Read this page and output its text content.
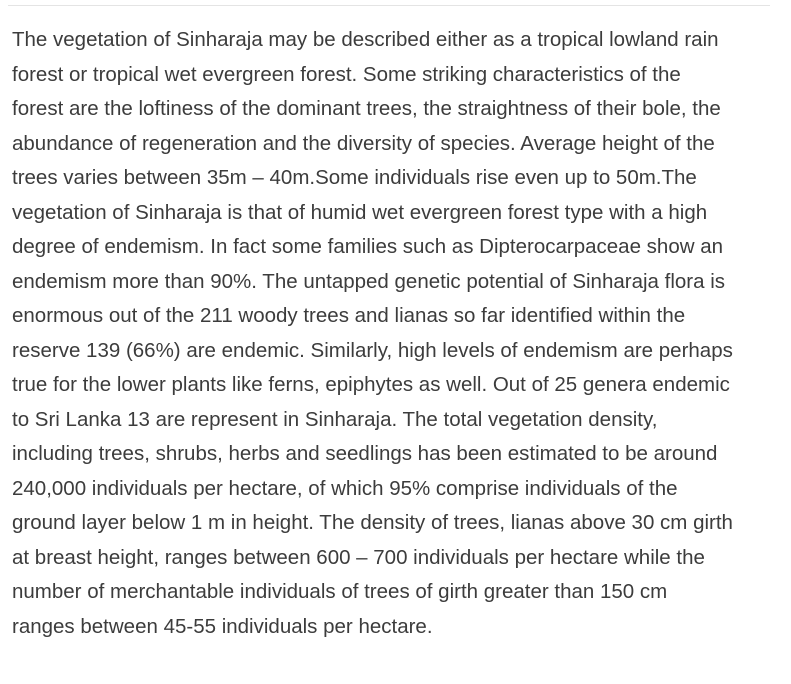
The vegetation of Sinharaja may be described either as a tropical lowland rain
forest or tropical wet evergreen forest. Some striking characteristics of the
forest are the loftiness of the dominant trees, the straightness of their bole, the
abundance of regeneration and the diversity of species. Average height of the
trees varies between 35m – 40m.Some individuals rise even up to 50m.The
vegetation of Sinharaja is that of humid wet evergreen forest type with a high
degree of endemism. In fact some families such as Dipterocarpaceae show an
endemism more than 90%. The untapped genetic potential of Sinharaja flora is
enormous out of the 211 woody trees and lianas so far identified within the
reserve 139 (66%) are endemic. Similarly, high levels of endemism are perhaps
true for the lower plants like ferns, epiphytes as well. Out of 25 genera endemic
to Sri Lanka 13 are represent in Sinharaja. The total vegetation density,
including trees, shrubs, herbs and seedlings has been estimated to be around
240,000 individuals per hectare, of which 95% comprise individuals of the
ground layer below 1 m in height. The density of trees, lianas above 30 cm girth
at breast height, ranges between 600 – 700 individuals per hectare while the
number of merchantable individuals of trees of girth greater than 150 cm
ranges between 45-55 individuals per hectare.
